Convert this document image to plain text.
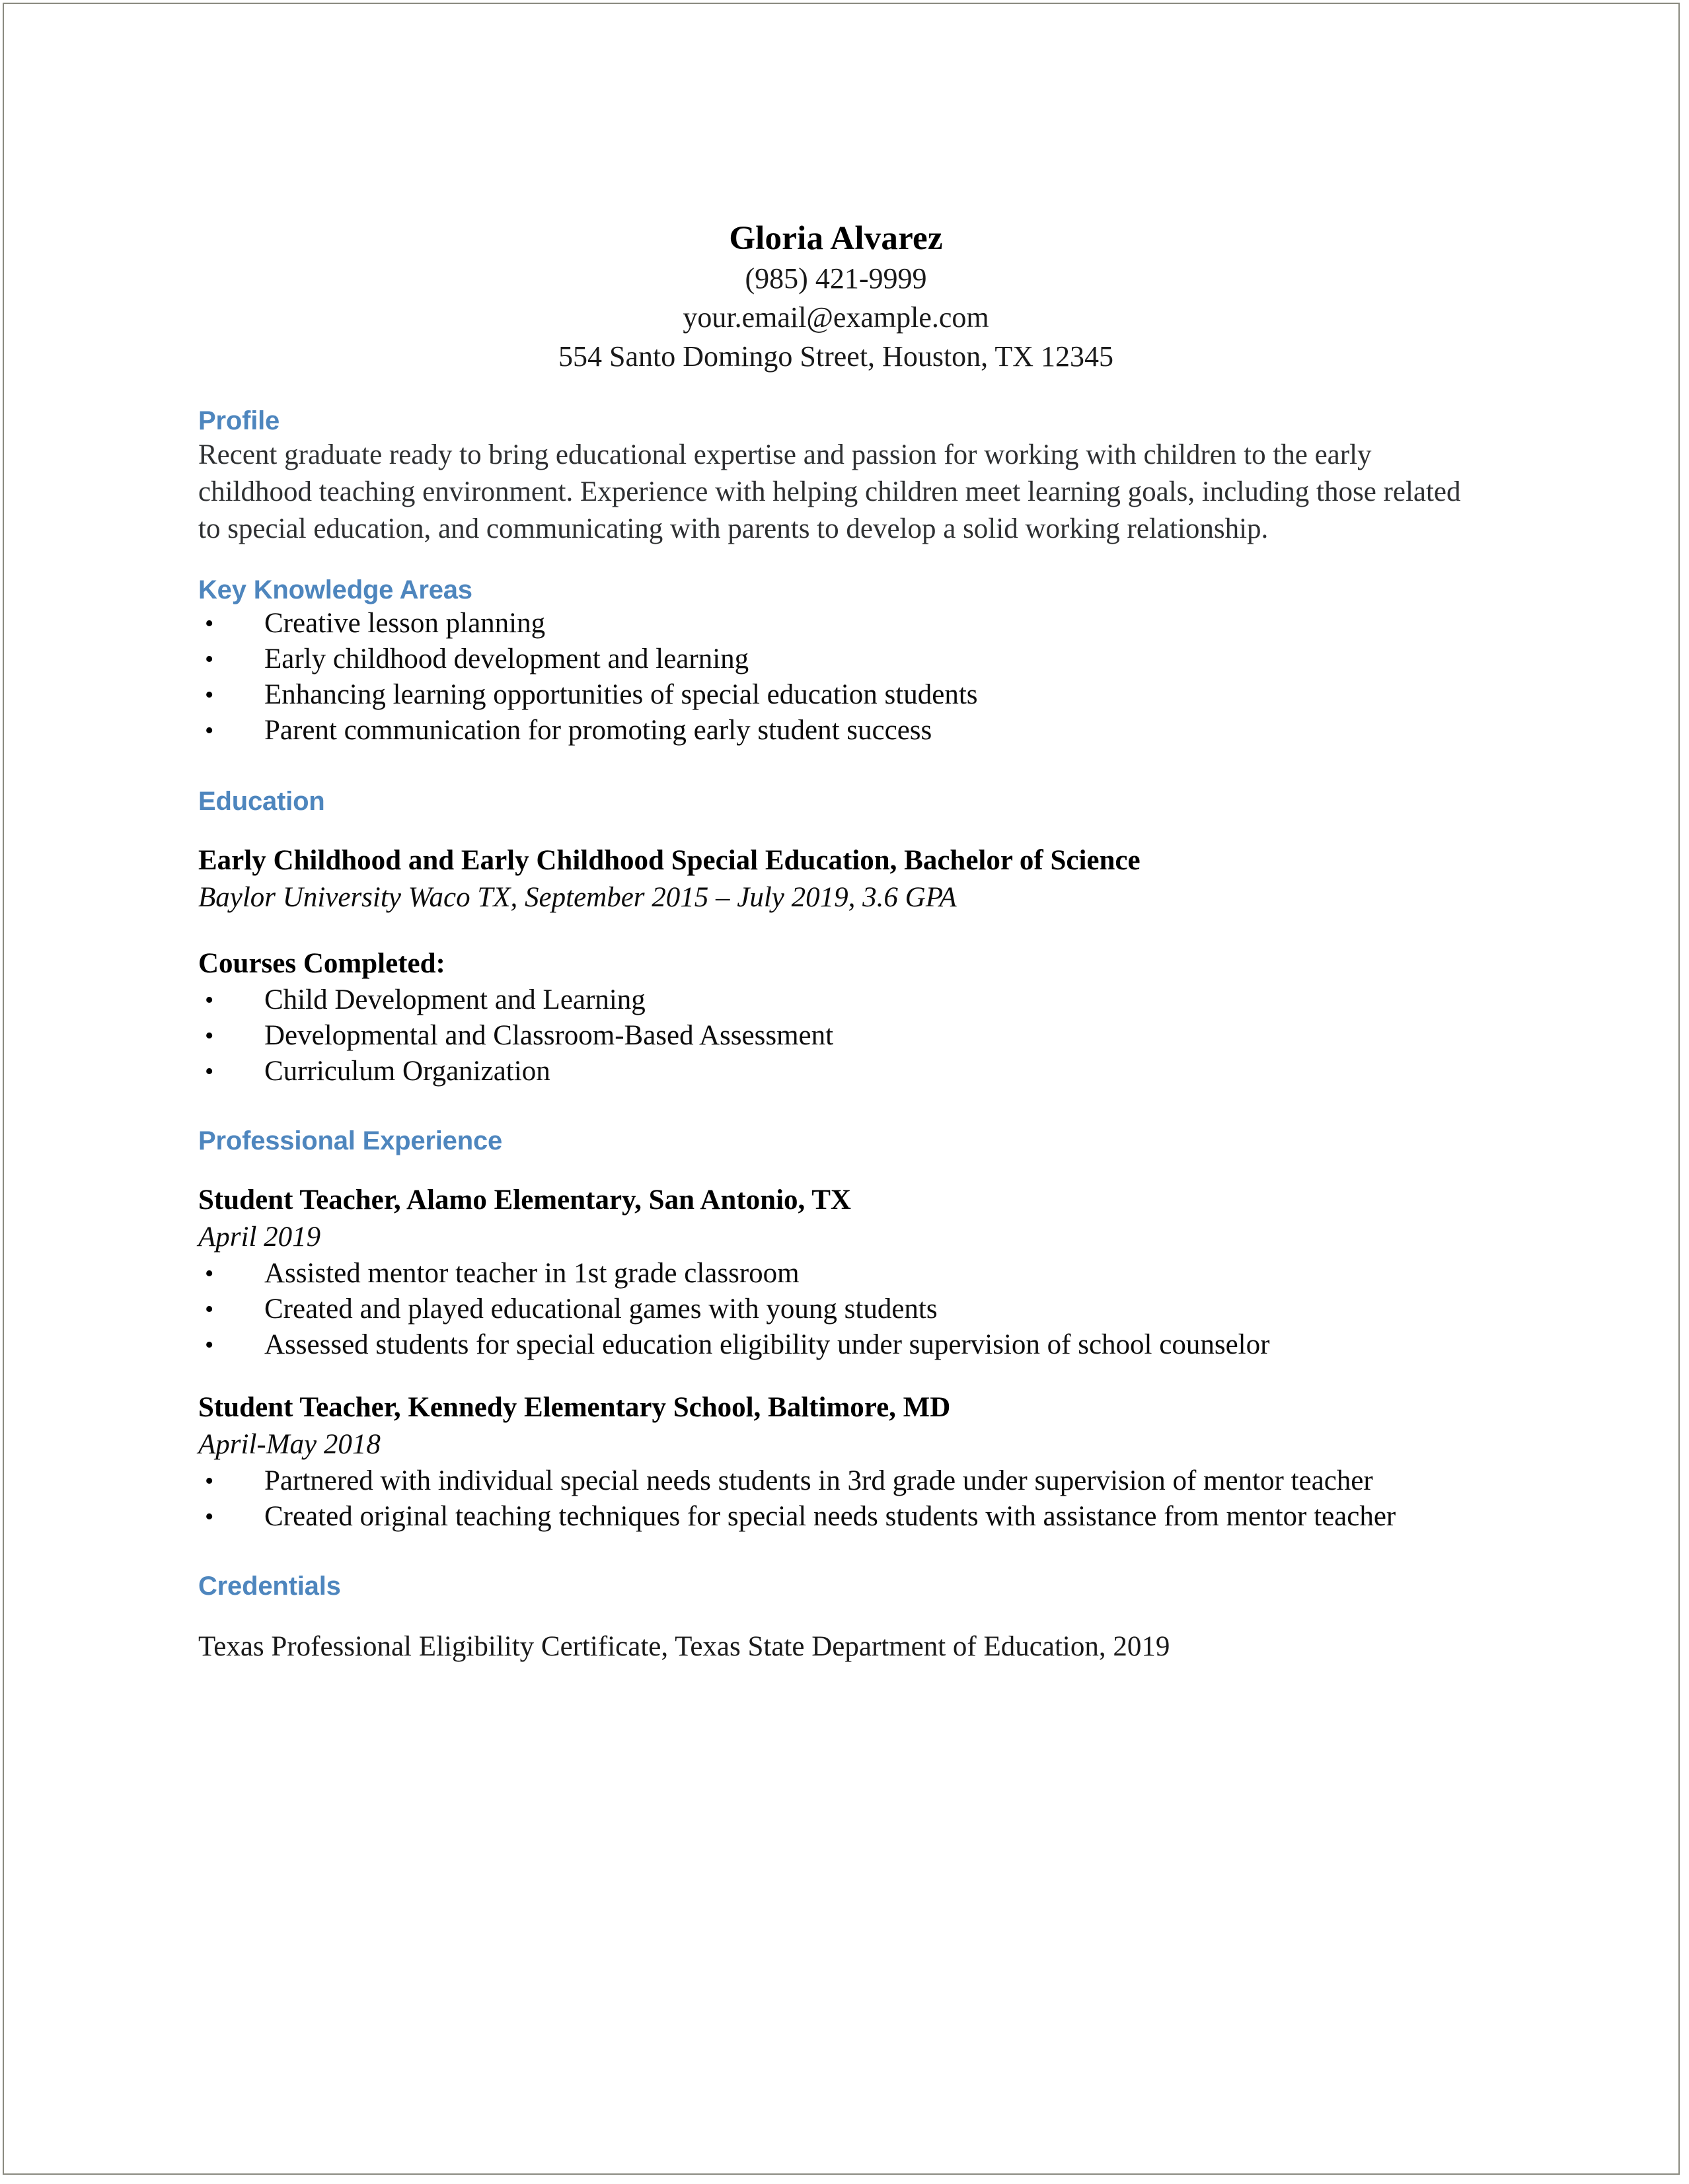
Gloria Alvarez
(985) 421-9999
your.email@example.com
554 Santo Domingo Street, Houston, TX 12345
Profile
Recent graduate ready to bring educational expertise and passion for working with children to the early childhood teaching environment. Experience with helping children meet learning goals, including those related to special education, and communicating with parents to develop a solid working relationship.
Key Knowledge Areas
• Creative lesson planning
• Early childhood development and learning
• Enhancing learning opportunities of special education students
• Parent communication for promoting early student success
Education
Early Childhood and Early Childhood Special Education, Bachelor of Science
Baylor University Waco TX, September 2015 – July 2019, 3.6 GPA
Courses Completed:
• Child Development and Learning
• Developmental and Classroom-Based Assessment
• Curriculum Organization
Professional Experience
Student Teacher, Alamo Elementary, San Antonio, TX
April 2019
• Assisted mentor teacher in 1st grade classroom
• Created and played educational games with young students
• Assessed students for special education eligibility under supervision of school counselor
Student Teacher, Kennedy Elementary School, Baltimore, MD
April-May 2018
• Partnered with individual special needs students in 3rd grade under supervision of mentor teacher
• Created original teaching techniques for special needs students with assistance from mentor teacher
Credentials
Texas Professional Eligibility Certificate, Texas State Department of Education, 2019
